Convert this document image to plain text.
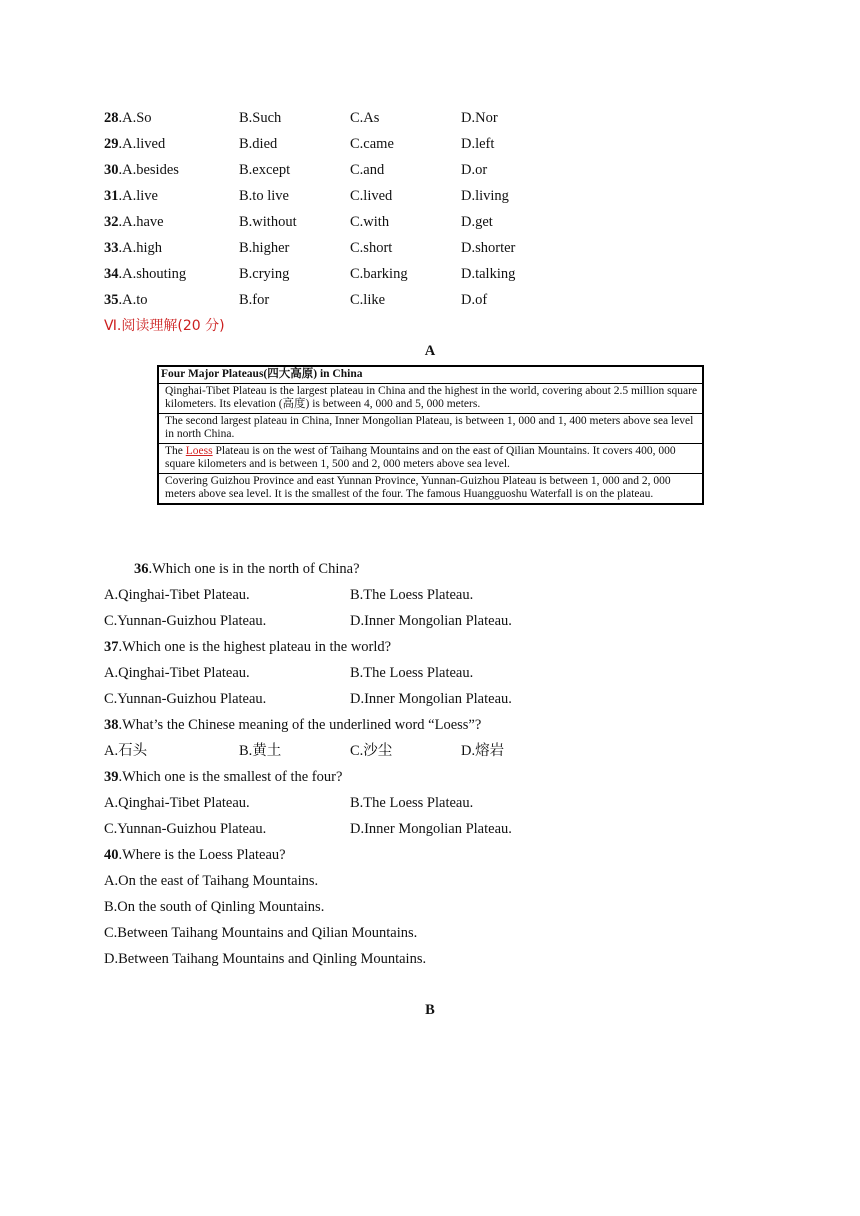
28.A.So	B.Such	C.As	D.Nor
29.A.lived	B.died	C.came	D.left
30.A.besides	B.except	C.and	D.or
31.A.live	B.to live	C.lived	D.living
32.A.have	B.without	C.with	D.get
33.A.high	B.higher	C.short	D.shorter
34.A.shouting	B.crying	C.barking	D.talking
35.A.to	B.for	C.like	D.of
Ⅵ.阅读理解(20 分)
A
Four Major Plateaus(四大高原) in China
Qinghai-Tibet Plateau is the largest plateau in China and the highest in the world, covering about 2.5 million square kilometers. Its elevation (高度) is between 4, 000 and 5, 000 meters.
The second largest plateau in China, Inner Mongolian Plateau, is between 1, 000 and 1, 400 meters above sea level in north China.
The Loess Plateau is on the west of Taihang Mountains and on the east of Qilian Mountains. It covers 400, 000 square kilometers and is between 1, 500 and 2, 000 meters above sea level.
Covering Guizhou Province and east Yunnan Province, Yunnan-Guizhou Plateau is between 1, 000 and 2, 000 meters above sea level. It is the smallest of the four. The famous Huangguoshu Waterfall is on the plateau.
36.Which one is in the north of China?
A.Qinghai-Tibet Plateau.	B.The Loess Plateau.
C.Yunnan-Guizhou Plateau.	D.Inner Mongolian Plateau.
37.Which one is the highest plateau in the world?
A.Qinghai-Tibet Plateau.	B.The Loess Plateau.
C.Yunnan-Guizhou Plateau.	D.Inner Mongolian Plateau.
38.What’s the Chinese meaning of the underlined word “Loess”?
A.石头	B.黄土	C.沙尘	D.熔岩
39.Which one is the smallest of the four?
A.Qinghai-Tibet Plateau.	B.The Loess Plateau.
C.Yunnan-Guizhou Plateau.	D.Inner Mongolian Plateau.
40.Where is the Loess Plateau?
A.On the east of Taihang Mountains.
B.On the south of Qinling Mountains.
C.Between Taihang Mountains and Qilian Mountains.
D.Between Taihang Mountains and Qinling Mountains.
B
